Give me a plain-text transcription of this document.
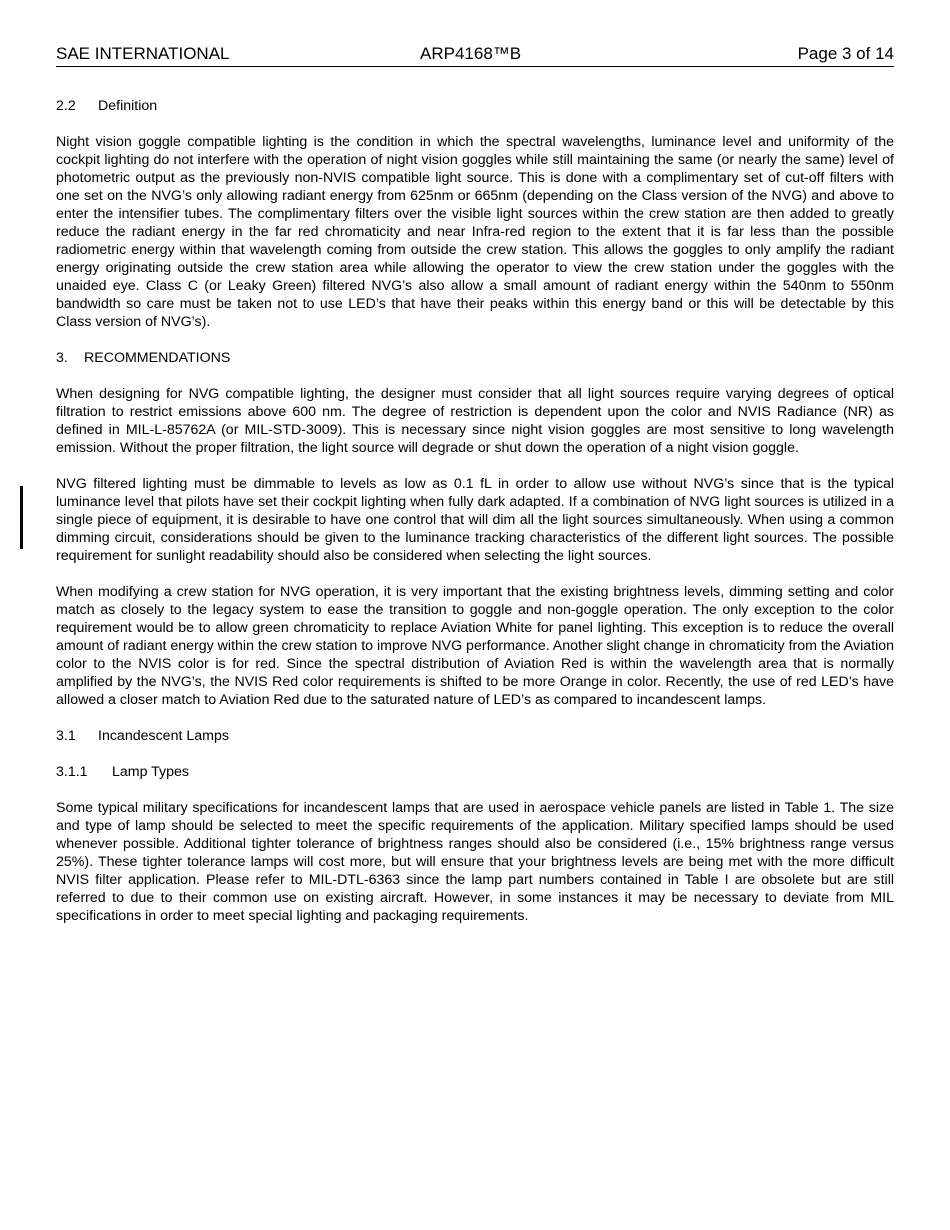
SAE INTERNATIONAL	ARP4168™B	Page 3 of 14
2.2 Definition

Night vision goggle compatible lighting is the condition in which the spectral wavelengths, luminance level and uniformity of the cockpit lighting do not interfere with the operation of night vision goggles while still maintaining the same (or nearly the same) level of photometric output as the previously non-NVIS compatible light source. This is done with a complimentary set of cut-off filters with one set on the NVG’s only allowing radiant energy from 625nm or 665nm (depending on the Class version of the NVG) and above to enter the intensifier tubes. The complimentary filters over the visible light sources within the crew station are then added to greatly reduce the radiant energy in the far red chromaticity and near Infra-red region to the extent that it is far less than the possible radiometric energy within that wavelength coming from outside the crew station. This allows the goggles to only amplify the radiant energy originating outside the crew station area while allowing the operator to view the crew station under the goggles with the unaided eye. Class C (or Leaky Green) filtered NVG’s also allow a small amount of radiant energy within the 540nm to 550nm bandwidth so care must be taken not to use LED’s that have their peaks within this energy band or this will be detectable by this Class version of NVG’s).

3. RECOMMENDATIONS

When designing for NVG compatible lighting, the designer must consider that all light sources require varying degrees of optical filtration to restrict emissions above 600 nm. The degree of restriction is dependent upon the color and NVIS Radiance (NR) as defined in MIL-L-85762A (or MIL-STD-3009). This is necessary since night vision goggles are most sensitive to long wavelength emission. Without the proper filtration, the light source will degrade or shut down the operation of a night vision goggle.

NVG filtered lighting must be dimmable to levels as low as 0.1 fL in order to allow use without NVG’s since that is the typical luminance level that pilots have set their cockpit lighting when fully dark adapted. If a combination of NVG light sources is utilized in a single piece of equipment, it is desirable to have one control that will dim all the light sources simultaneously. When using a common dimming circuit, considerations should be given to the luminance tracking characteristics of the different light sources. The possible requirement for sunlight readability should also be considered when selecting the light sources.

When modifying a crew station for NVG operation, it is very important that the existing brightness levels, dimming setting and color match as closely to the legacy system to ease the transition to goggle and non-goggle operation. The only exception to the color requirement would be to allow green chromaticity to replace Aviation White for panel lighting. This exception is to reduce the overall amount of radiant energy within the crew station to improve NVG performance. Another slight change in chromaticity from the Aviation color to the NVIS color is for red. Since the spectral distribution of Aviation Red is within the wavelength area that is normally amplified by the NVG’s, the NVIS Red color requirements is shifted to be more Orange in color. Recently, the use of red LED’s have allowed a closer match to Aviation Red due to the saturated nature of LED’s as compared to incandescent lamps.

3.1 Incandescent Lamps
3.1.1 Lamp Types

Some typical military specifications for incandescent lamps that are used in aerospace vehicle panels are listed in Table 1. The size and type of lamp should be selected to meet the specific requirements of the application. Military specified lamps should be used whenever possible. Additional tighter tolerance of brightness ranges should also be considered (i.e., 15% brightness range versus 25%). These tighter tolerance lamps will cost more, but will ensure that your brightness levels are being met with the more difficult NVIS filter application. Please refer to MIL-DTL-6363 since the lamp part numbers contained in Table I are obsolete but are still referred to due to their common use on existing aircraft. However, in some instances it may be necessary to deviate from MIL specifications in order to meet special lighting and packaging requirements.
